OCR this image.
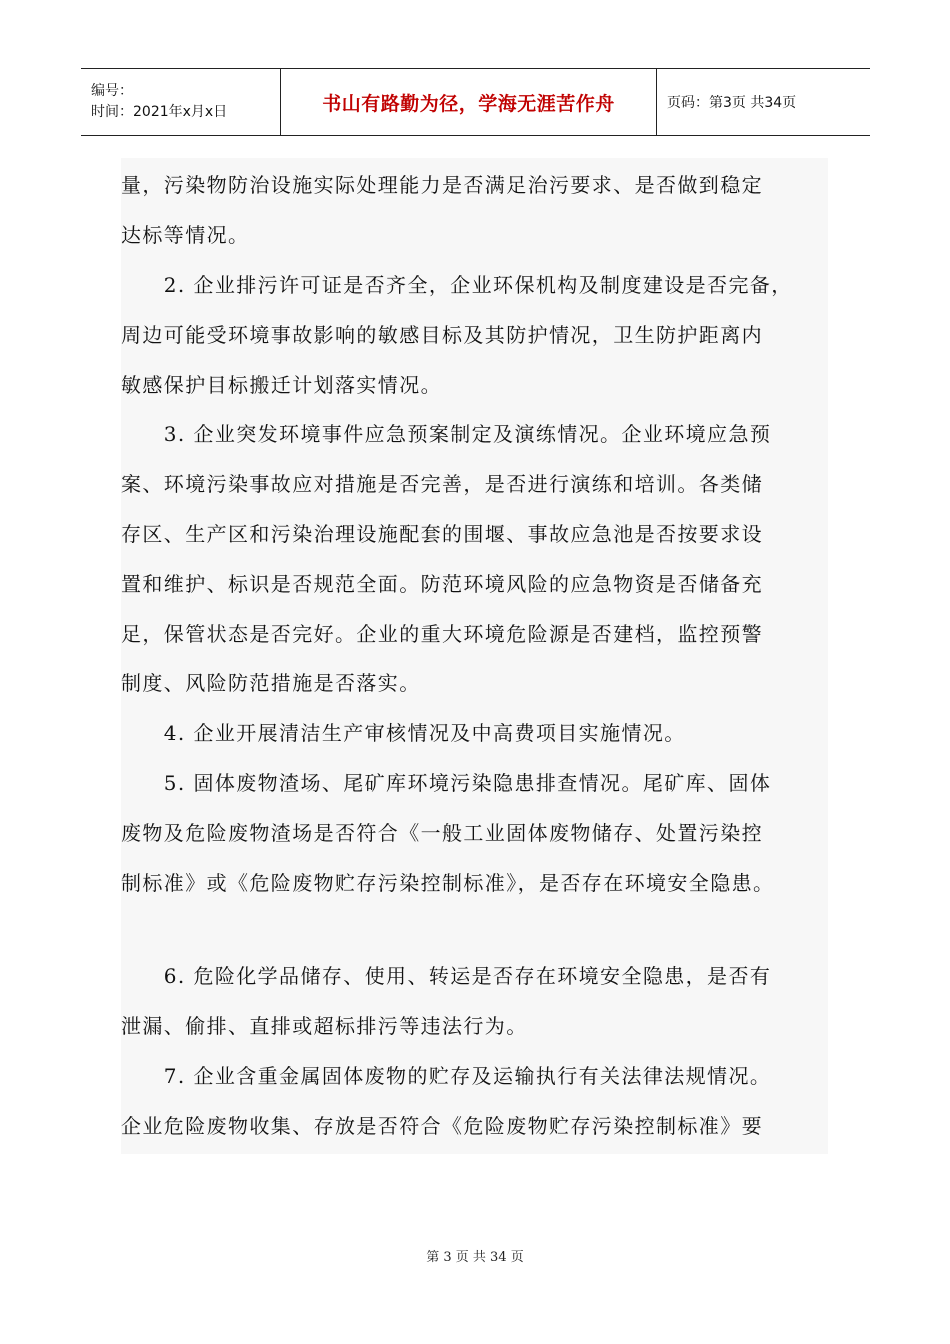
编号：
时间：2021年x月x日	书山有路勤为径，学海无涯苦作舟	页码：第3页 共34页

量，污染物防治设施实际处理能力是否满足治污要求、是否做到稳定

达标等情况。

　　2. 企业排污许可证是否齐全，企业环保机构及制度建设是否完备，

周边可能受环境事故影响的敏感目标及其防护情况，卫生防护距离内

敏感保护目标搬迁计划落实情况。

　　3. 企业突发环境事件应急预案制定及演练情况。企业环境应急预

案、环境污染事故应对措施是否完善，是否进行演练和培训。各类储

存区、生产区和污染治理设施配套的围堰、事故应急池是否按要求设

置和维护、标识是否规范全面。防范环境风险的应急物资是否储备充

足，保管状态是否完好。企业的重大环境危险源是否建档，监控预警

制度、风险防范措施是否落实。

　　4. 企业开展清洁生产审核情况及中高费项目实施情况。

　　5. 固体废物渣场、尾矿库环境污染隐患排查情况。尾矿库、固体

废物及危险废物渣场是否符合《一般工业固体废物储存、处置污染控

制标准》或《危险废物贮存污染控制标准》，是否存在环境安全隐患。

　　6. 危险化学品储存、使用、转运是否存在环境安全隐患，是否有

泄漏、偷排、直排或超标排污等违法行为。

　　7. 企业含重金属固体废物的贮存及运输执行有关法律法规情况。

企业危险废物收集、存放是否符合《危险废物贮存污染控制标准》要

第 3 页 共 34 页
